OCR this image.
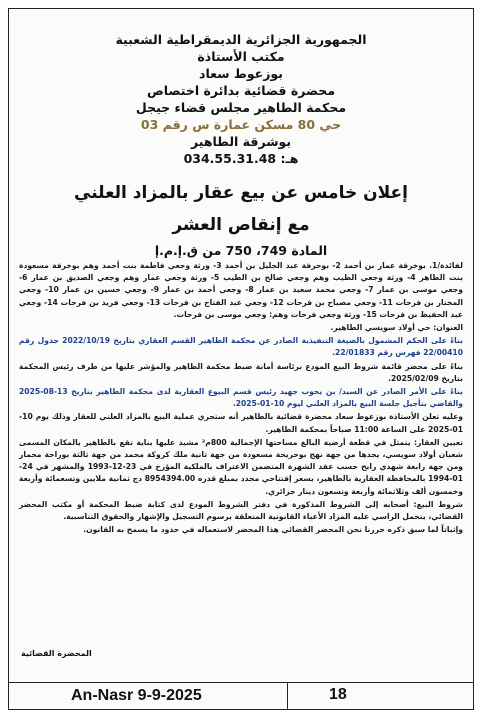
الجمهورية الجزائرية الديمقراطية الشعبية
مكتب الأستاذة
بوزعوط سعاد
محضرة قضائية بدائرة اختصاص
محكمة الطاهير مجلس قضاء جيجل
حي 80 مسكن عمارة س رقم 03
بوشرقة الطاهير
هـ: 034.55.31.48
إعلان خامس عن بيع عقار بالمزاد العلني
مع إنقاص العشر
المادة 749، 750 من ق.إ.م.إ

لفائدة/1. بوخرفة عمار بن أحمد 2- بوحرفة عبد الجليل بن أحمد 3- ورثة وجعي فاطمة بنت أحمد وهم بوخرفة مسعودة بنت الطاهر 4- ورثة وجعي الطيب وهم وجعي صالح بن الطيب 5- ورثة وجعي عمار وهم وجعي الصديق بن عمار 6- وجعي موسى بن عمار 7- وجعي محمد سعيد بن عمار 8- وجعي أحمد بن عمار 9- وجعي حسين بن عمار 10- وجعي المختار بن فرحات 11- وجعي مصباح بن فرحات 12- وجعي عبد الفتاح بن فرحات 13- وجعي فريد بن فرحات 14- وجعي عبد الحفيظ بن فرحات 15- ورثة وجعي فرحات وهم: وجعي موسى بن فرحات.

العنوان: حي أولاد سويسي الطاهير.

بناءً على الحكم المشمول بالصيغة التنفيذية الصادر عن محكمة الطاهير القسم العقاري بتاريخ 2022/10/19 جدول رقم 22/00410 فهرس رقم 22/01833.

بناءً على محضر قائمة شروط البيع المودع برئاسة أمانة ضبط محكمة الطاهير والمؤشر عليها من طرف رئيس المحكمة بتاريخ 2025/02/09.

بناءً على الأمر الصادر عن السيد/ بن يحوب جهيد رئيس قسم البيوع العقارية لدى محكمة الطاهير بتاريخ 13-08-2025 والقاضي بتأجيل جلسة البيع بالمزاد العلني ليوم 10-01-2025.

وعليه تعلن الأستاذة بوزعوط سعاد محضرة قضائية بالطاهير أنه ستجري عملية البيع بالمزاد العلني للعقار وذلك يوم 10-01-2025 على الساعة 11:00 صباحاً بمحكمة الطاهير.

تعيين العقار: يتمثل في قطعة أرضية البالغ مساحتها الإجمالية 800م² مشيد عليها بناية تقع بالطاهير بالمكان المسمى شعبان أولاد سويسي، يحدها من جهة نهج بوحريحة مسعودة من جهة ثانية ملك كروكة محمد من جهة ثالثة بوراحة محمار ومن جهة رابعة شهدي رابح حسب عقد الشهرة المتضمن الاعتراف بالملكية المؤرخ في 23-12-1993 والمشهر في 24-01-1994 بالمحافظة العقارية بالطاهير، بسعر إفتتاحي محدد بمبلغ قدره 8954394.00 دج ثمانية ملايين وتسعمائة وأربعة وخمسون ألف وثلاثمائة وأربعة وتسعون دينار جزائري.

شروط البيع: أصحابه إلى الشروط المذكورة في دفتر الشروط المودع لدى كتابة ضبط المحكمة أو مكتب المحضر القضائي، يتحمل الراسي عليه المزاد الأعباء القانونية المتعلقة برسوم التسجيل والإشهار والحقوق التناسبية.

وإثباتاً لما سبق ذكره حررنا نحن المحضر القضائي هذا المحضر لاستعماله في حدود ما يسمح به القانون.

المحضرة القضائية
An-Nasr 9-9-2025	18
